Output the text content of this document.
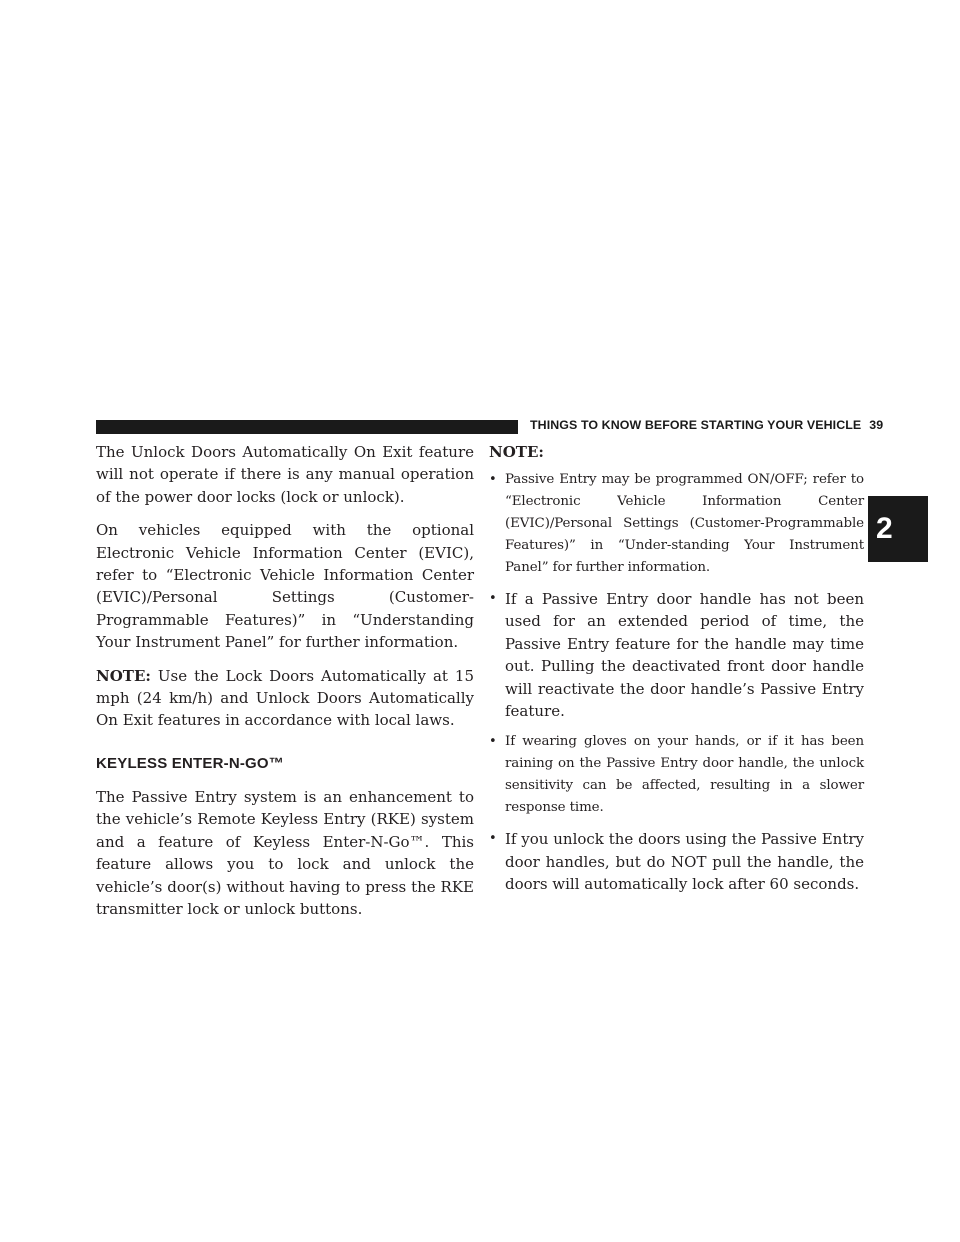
THINGS TO KNOW BEFORE STARTING YOUR VEHICLE 39
2

The Unlock Doors Automatically On Exit feature will not operate if there is any manual operation of the power door locks (lock or unlock).

On vehicles equipped with the optional Electronic Vehicle Information Center (EVIC), refer to “Electronic Vehicle Information Center (EVIC)/Personal Settings (Customer-Programmable Features)” in “Understanding Your Instrument Panel” for further information.

NOTE: Use the Lock Doors Automatically at 15 mph (24 km/h) and Unlock Doors Automatically On Exit features in accordance with local laws.

KEYLESS ENTER-N-GO™

The Passive Entry system is an enhancement to the vehicle’s Remote Keyless Entry (RKE) system and a feature of Keyless Enter-N-Go™. This feature allows you to lock and unlock the vehicle’s door(s) without having to press the RKE transmitter lock or unlock buttons.

NOTE:
• Passive Entry may be programmed ON/OFF; refer to “Electronic Vehicle Information Center (EVIC)/Personal Settings (Customer-Programmable Features)” in “Under-standing Your Instrument Panel” for further information.
• If a Passive Entry door handle has not been used for an extended period of time, the Passive Entry feature for the handle may time out. Pulling the deactivated front door handle will reactivate the door handle’s Passive Entry feature.
• If wearing gloves on your hands, or if it has been raining on the Passive Entry door handle, the unlock sensitivity can be affected, resulting in a slower response time.
• If you unlock the doors using the Passive Entry door handles, but do NOT pull the handle, the doors will automatically lock after 60 seconds.
